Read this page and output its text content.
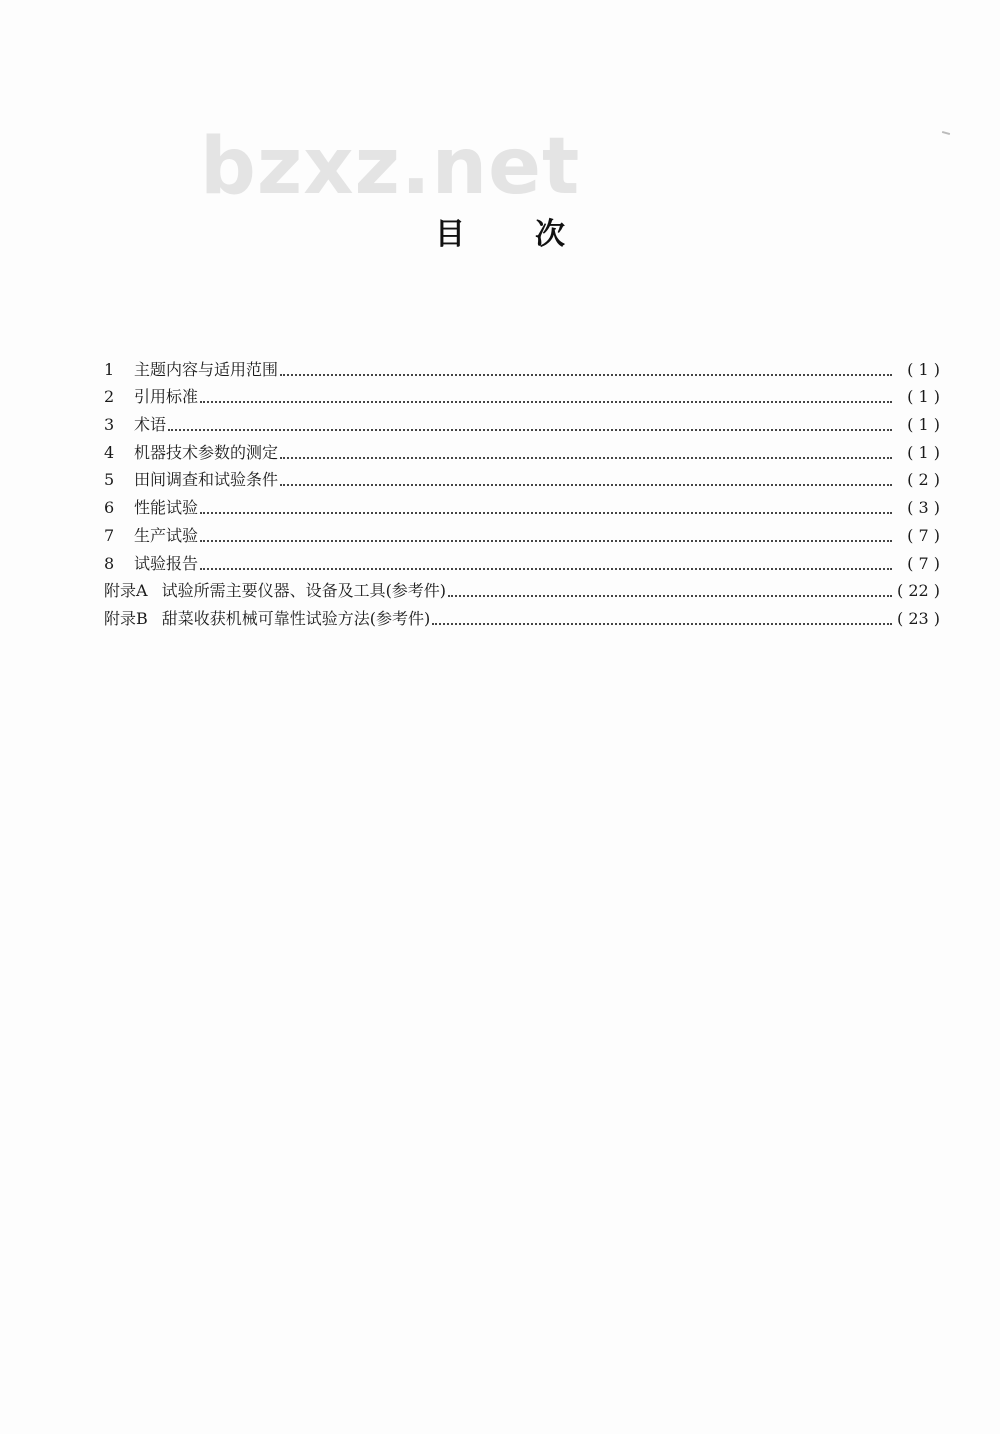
bzxz.net
目次
1	主题内容与适用范围	( 1 )
2	引用标准	( 1 )
3	术语	( 1 )
4	机器技术参数的测定	( 1 )
5	田间调查和试验条件	( 2 )
6	性能试验	( 3 )
7	生产试验	( 7 )
8	试验报告	( 7 )
附录A 试验所需主要仪器、设备及工具(参考件)	( 22 )
附录B 甜菜收获机械可靠性试验方法(参考件)	( 23 )
